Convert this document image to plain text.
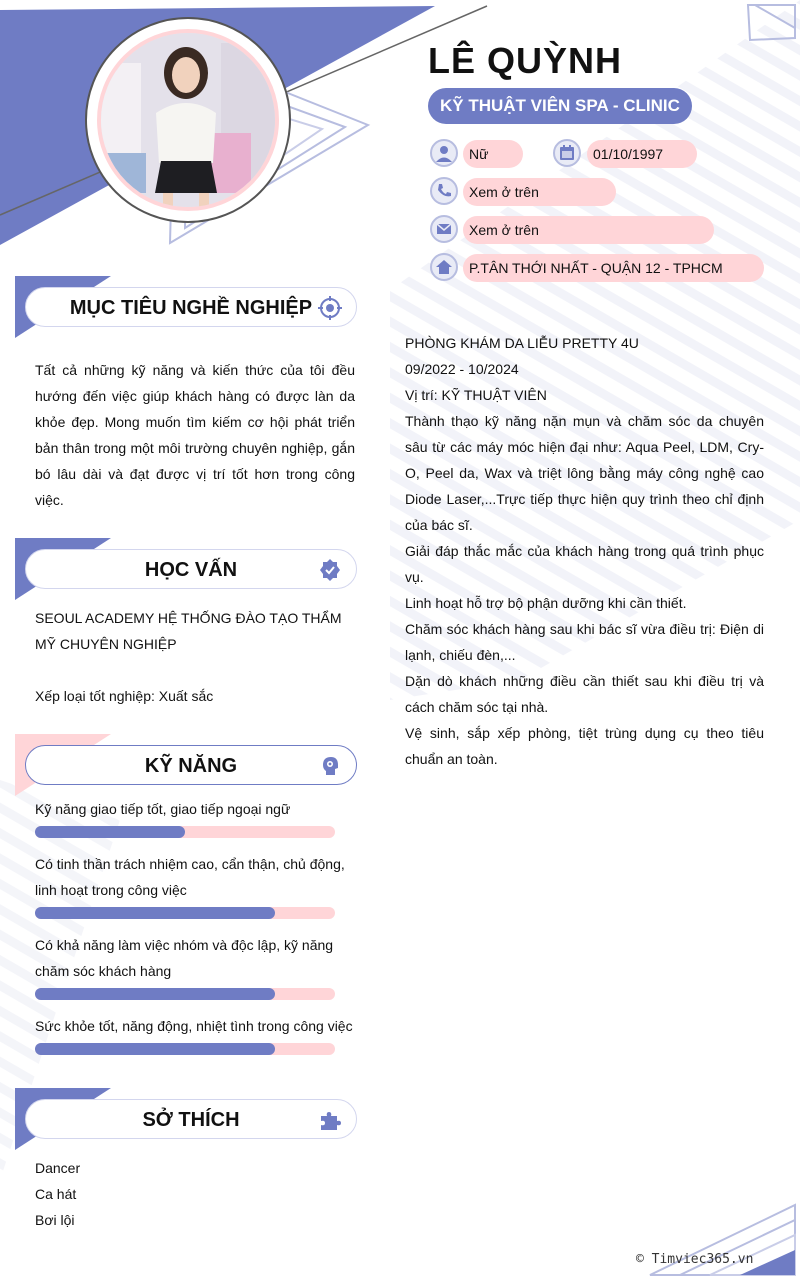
LÊ QUỲNH
KỸ THUẬT VIÊN SPA - CLINIC
Nữ	01/10/1997
Xem ở trên
Xem ở trên
P.TÂN THỚI NHẤT - QUẬN 12 - TPHCM
MỤC TIÊU NGHỀ NGHIỆP
Tất cả những kỹ năng và kiến thức của tôi đều hướng đến việc giúp khách hàng có được làn da khỏe đẹp. Mong muốn tìm kiếm cơ hội phát triển bản thân trong một môi trường chuyên nghiệp, gắn bó lâu dài và đạt được vị trí tốt hơn trong công việc.
HỌC VẤN
SEOUL ACADEMY HỆ THỐNG ĐÀO TẠO THẨM MỸ CHUYÊN NGHIỆP
Xếp loại tốt nghiệp: Xuất sắc
KỸ NĂNG
Kỹ năng giao tiếp tốt, giao tiếp ngoại ngữ
Có tinh thần trách nhiệm cao, cẩn thận, chủ động, linh hoạt trong công việc
Có khả năng làm việc nhóm và độc lập, kỹ năng chăm sóc khách hàng
Sức khỏe tốt, năng động, nhiệt tình trong công việc
SỞ THÍCH
Dancer
Ca hát
Bơi lội
PHÒNG KHÁM DA LIỄU PRETTY 4U
09/2022 - 10/2024
Vị trí: KỸ THUẬT VIÊN
Thành thạo kỹ năng nặn mụn và chăm sóc da chuyên sâu từ các máy móc hiện đại như: Aqua Peel, LDM, Cry-O, Peel da, Wax và triệt lông bằng máy công nghệ cao Diode Laser,...Trực tiếp thực hiện quy trình theo chỉ định của bác sĩ.
Giải đáp thắc mắc của khách hàng trong quá trình phục vụ.
Linh hoạt hỗ trợ bộ phận dưỡng khi cần thiết.
Chăm sóc khách hàng sau khi bác sĩ vừa điều trị: Điện di lạnh, chiếu đèn,...
Dặn dò khách những điều cần thiết sau khi điều trị và cách chăm sóc tại nhà.
Vệ sinh, sắp xếp phòng, tiệt trùng dụng cụ theo tiêu chuẩn an toàn.
© Timviec365.vn
